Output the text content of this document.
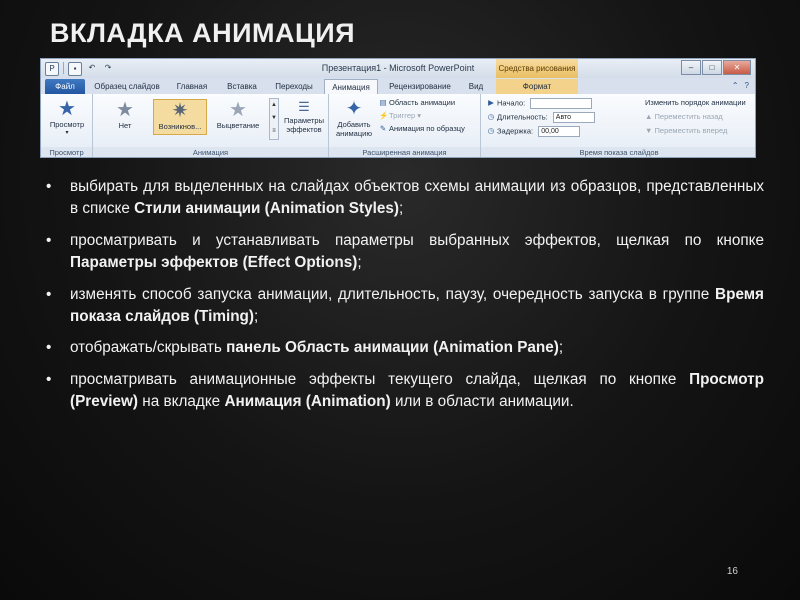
ВКЛАДКА АНИМАЦИЯ
P	▪	↶	↷	Презентация1 - Microsoft PowerPoint	Средства рисования	–	□	✕
Файл	Образец слайдов	Главная	Вставка	Переходы	Анимация	Рецензирование	Вид	Формат	⌃ ?
★
Просмотр
▾
Просмотр
★
Нет
✷
Возникнов...
★
Выцветание
▲
▼
≡
☰
Параметры эффектов
Анимация
✦
Добавить анимацию
▤ Область анимации
⚡Триггер ▾
✎ Анимация по образцу
Расширенная анимация
▶ Начало:
◷ Длительность: Авто
◷ Задержка: 00,00
Изменить порядок анимации
▲ Переместить назад
▼ Переместить вперед
Время показа слайдов
• выбирать для выделенных на слайдах объектов схемы анимации из образцов, представленных в списке Стили анимации (Animation Styles);
• просматривать и устанавливать параметры выбранных эффектов, щелкая по кнопке Параметры эффектов (Effect Options);
• изменять способ запуска анимации, длительность, паузу, очередность запуска в группе Время показа слайдов (Timing);
• отображать/скрывать панель Область анимации (Animation Pane);
• просматривать анимационные эффекты текущего слайда, щелкая по кнопке Просмотр (Preview) на вкладке Анимация (Animation) или в области анимации.
16
